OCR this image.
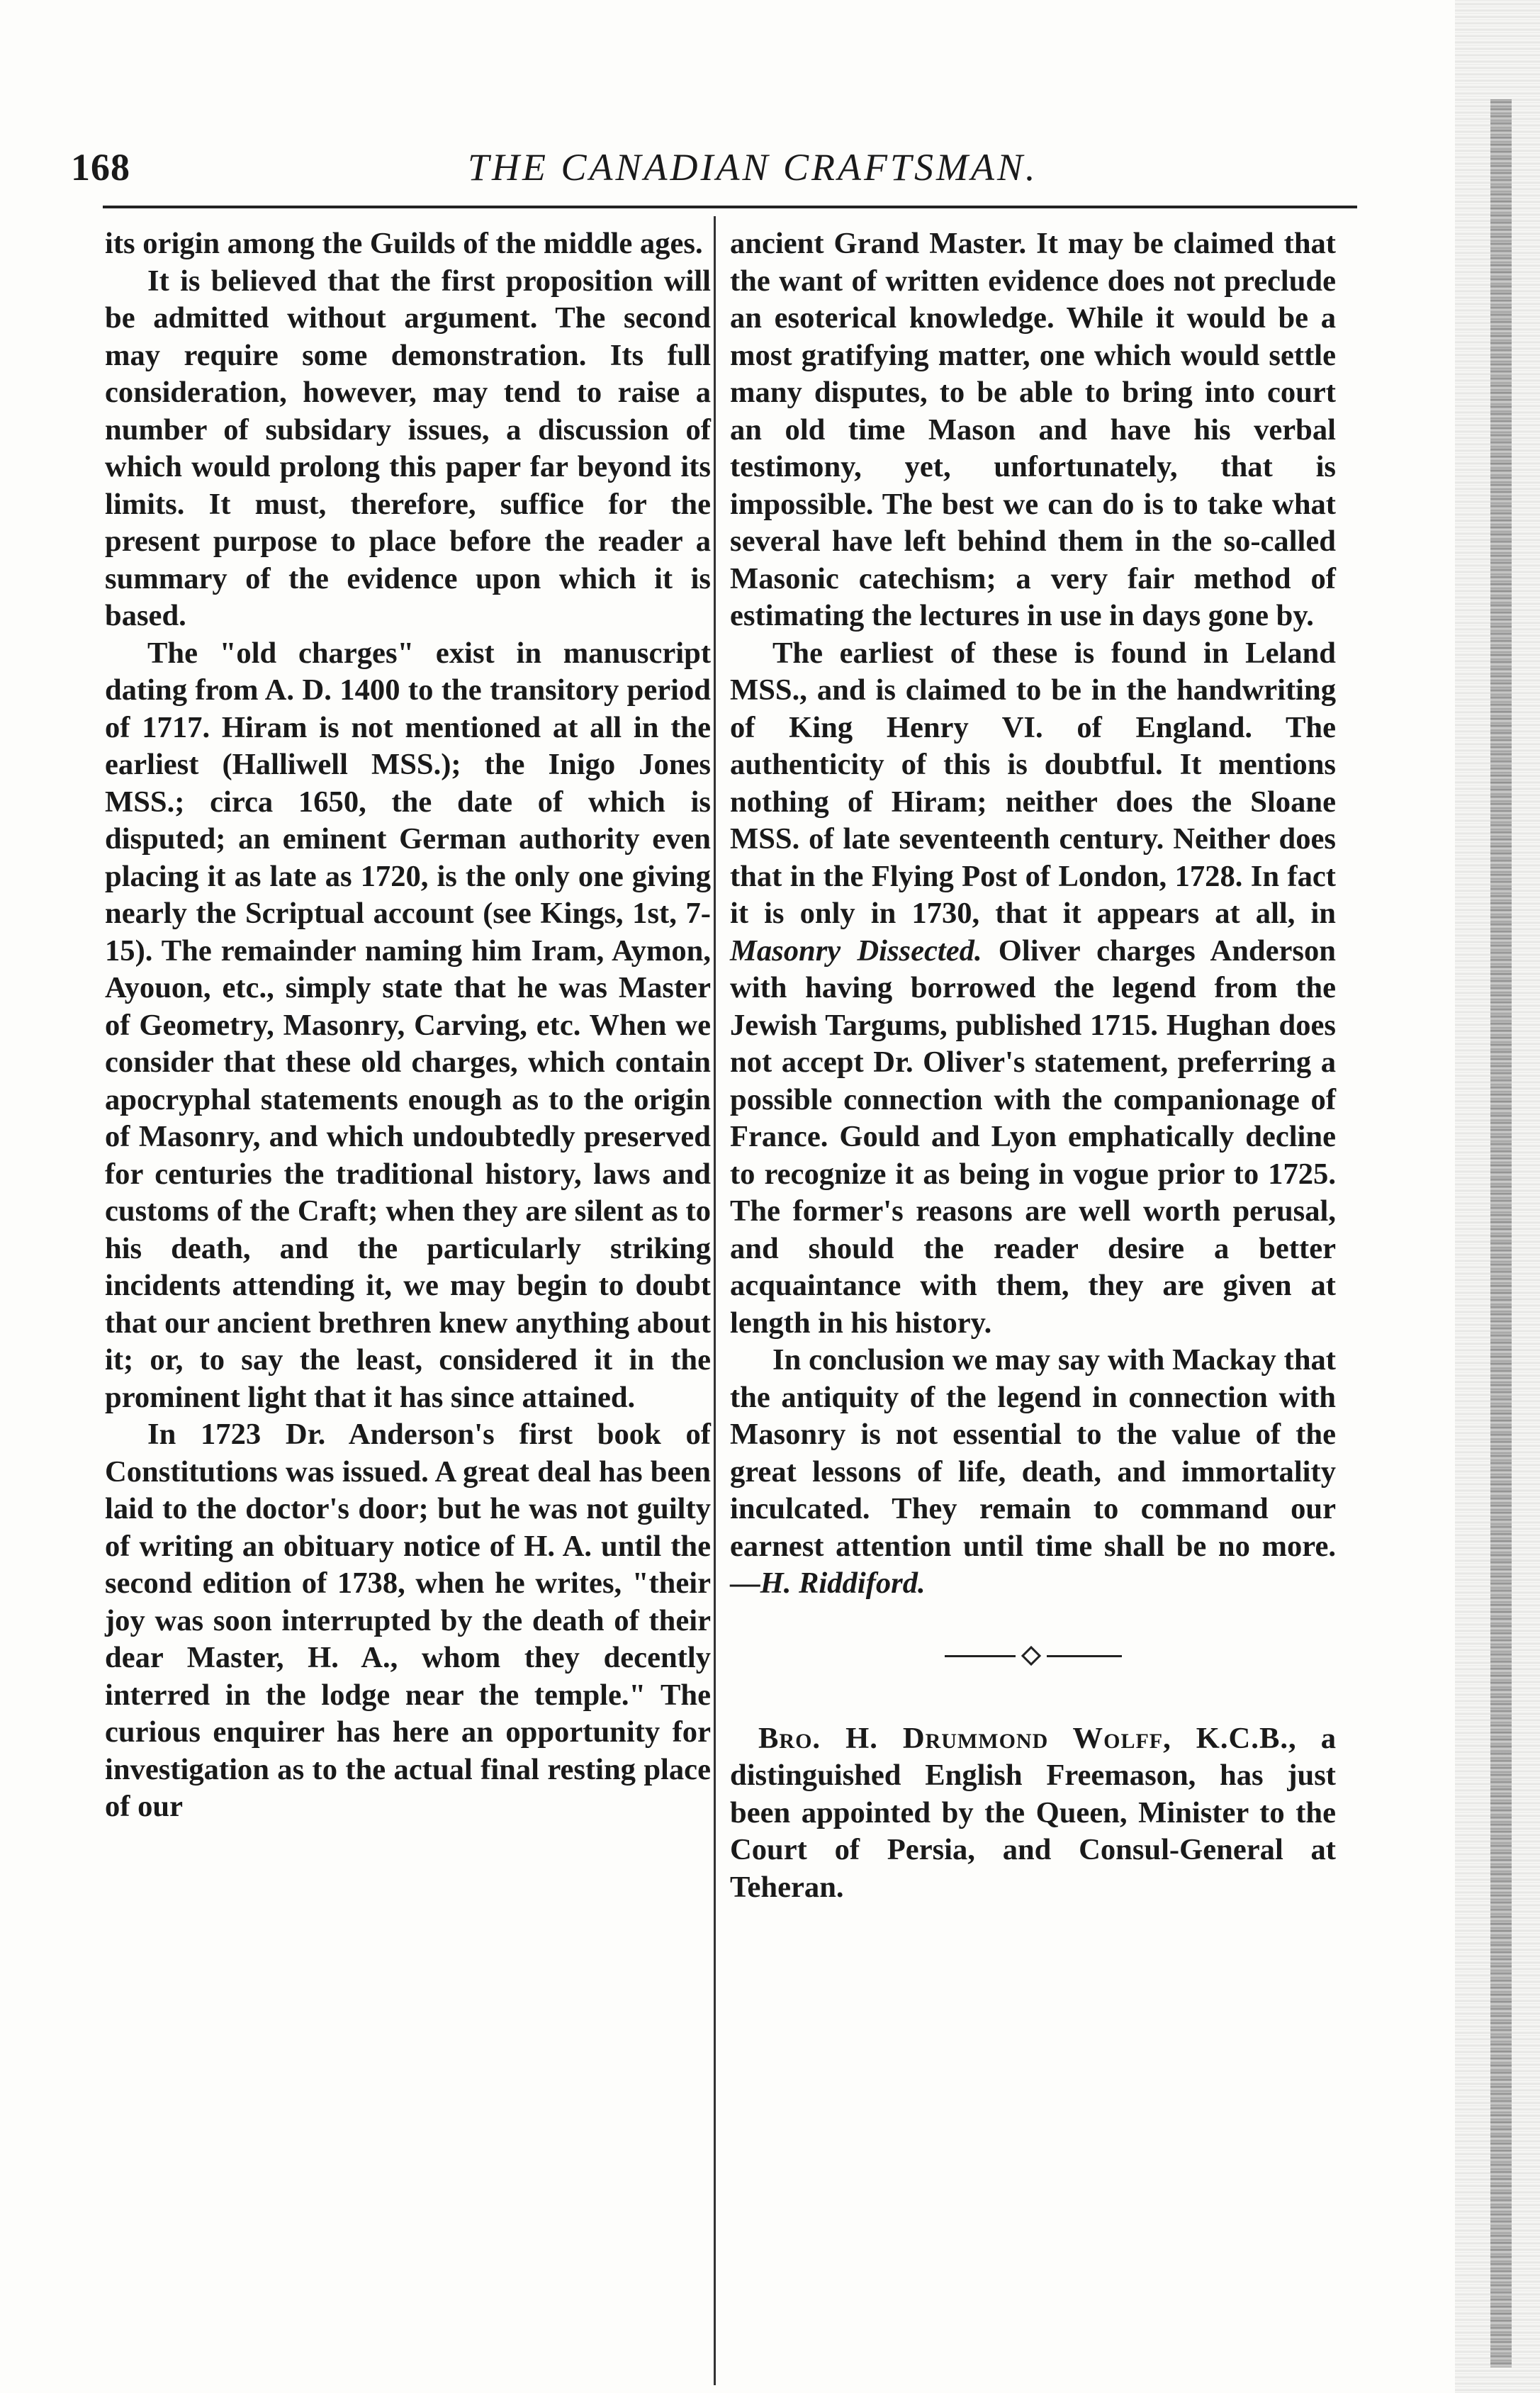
168	THE CANADIAN CRAFTSMAN.

its origin among the Guilds of the middle ages.

It is believed that the first proposition will be admitted without argument. The second may require some demonstration. Its full consideration, however, may tend to raise a number of subsidary issues, a discussion of which would prolong this paper far beyond its limits. It must, therefore, suffice for the present purpose to place before the reader a summary of the evidence upon which it is based.

The "old charges" exist in manuscript dating from A. D. 1400 to the transitory period of 1717. Hiram is not mentioned at all in the earliest (Halliwell MSS.); the Inigo Jones MSS.; circa 1650, the date of which is disputed; an eminent German authority even placing it as late as 1720, is the only one giving nearly the Scriptual account (see Kings, 1st, 7-15). The remainder naming him Iram, Aymon, Ayouon, etc., simply state that he was Master of Geometry, Masonry, Carving, etc. When we consider that these old charges, which contain apocryphal statements enough as to the origin of Masonry, and which undoubtedly preserved for centuries the traditional history, laws and customs of the Craft; when they are silent as to his death, and the particularly striking incidents attending it, we may begin to doubt that our ancient brethren knew anything about it; or, to say the least, considered it in the prominent light that it has since attained.

In 1723 Dr. Anderson's first book of Constitutions was issued. A great deal has been laid to the doctor's door; but he was not guilty of writing an obituary notice of H. A. until the second edition of 1738, when he writes, "their joy was soon interrupted by the death of their dear Master, H. A., whom they decently interred in the lodge near the temple." The curious enquirer has here an opportunity for investigation as to the actual final resting place of our

ancient Grand Master. It may be claimed that the want of written evidence does not preclude an esoterical knowledge. While it would be a most gratifying matter, one which would settle many disputes, to be able to bring into court an old time Mason and have his verbal testimony, yet, unfortunately, that is impossible. The best we can do is to take what several have left behind them in the so-called Masonic catechism; a very fair method of estimating the lectures in use in days gone by.

The earliest of these is found in Leland MSS., and is claimed to be in the handwriting of King Henry VI. of England. The authenticity of this is doubtful. It mentions nothing of Hiram; neither does the Sloane MSS. of late seventeenth century. Neither does that in the Flying Post of London, 1728. In fact it is only in 1730, that it appears at all, in Masonry Dissected. Oliver charges Anderson with having borrowed the legend from the Jewish Targums, published 1715. Hughan does not accept Dr. Oliver's statement, preferring a possible connection with the companionage of France. Gould and Lyon emphatically decline to recognize it as being in vogue prior to 1725. The former's reasons are well worth perusal, and should the reader desire a better acquaintance with them, they are given at length in his history.

In conclusion we may say with Mackay that the antiquity of the legend in connection with Masonry is not essential to the value of the great lessons of life, death, and immortality inculcated. They remain to command our earnest attention until time shall be no more.—H. Riddiford.

Bro. H. Drummond Wolff, K.C.B., a distinguished English Freemason, has just been appointed by the Queen, Minister to the Court of Persia, and Consul-General at Teheran.
